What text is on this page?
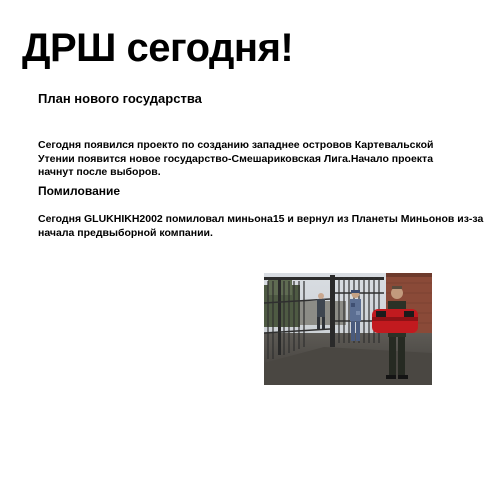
ДРШ сегодня!
План нового государства

Сегодня появился проекто по созданию западнее островов Картевальской Утении появится новое государство-Смешариковская Лига.Начало проекта начнут после выборов.

Помилование

Сегодня GLUKHIKH2002 помиловал миньона15 и вернул из Планеты Миньонов из-за начала предвыборной компании.
